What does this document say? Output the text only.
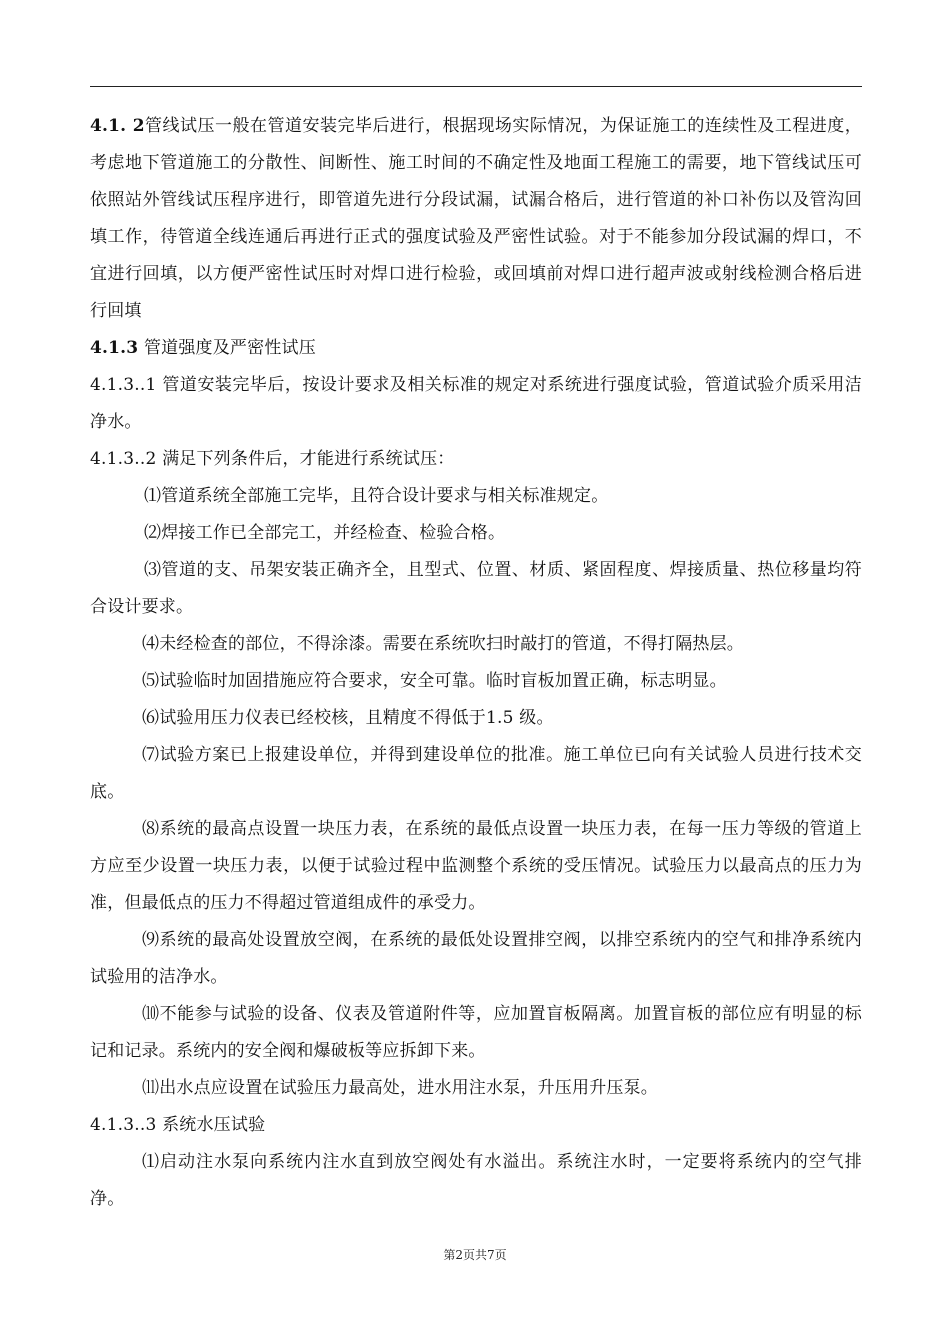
4.1. 2管线试压一般在管道安装完毕后进行，根据现场实际情况，为保证施工的连续性及工程进度，考虑地下管道施工的分散性、间断性、施工时间的不确定性及地面工程施工的需要，地下管线试压可依照站外管线试压程序进行，即管道先进行分段试漏，试漏合格后，进行管道的补口补伤以及管沟回填工作，待管道全线连通后再进行正式的强度试验及严密性试验。对于不能参加分段试漏的焊口，不宜进行回填，以方便严密性试压时对焊口进行检验，或回填前对焊口进行超声波或射线检测合格后进行回填

4.1.3 管道强度及严密性试压

4.1.3..1 管道安装完毕后，按设计要求及相关标准的规定对系统进行强度试验，管道试验介质采用洁净水。

4.1.3..2 满足下列条件后，才能进行系统试压：

⑴管道系统全部施工完毕，且符合设计要求与相关标准规定。

⑵焊接工作已全部完工，并经检查、检验合格。

⑶管道的支、吊架安装正确齐全，且型式、位置、材质、紧固程度、焊接质量、热位移量均符合设计要求。

⑷未经检查的部位，不得涂漆。需要在系统吹扫时敲打的管道，不得打隔热层。

⑸试验临时加固措施应符合要求，安全可靠。临时盲板加置正确，标志明显。

⑹试验用压力仪表已经校核，且精度不得低于1.5 级。

⑺试验方案已上报建设单位，并得到建设单位的批准。施工单位已向有关试验人员进行技术交底。

⑻系统的最高点设置一块压力表，在系统的最低点设置一块压力表，在每一压力等级的管道上方应至少设置一块压力表，以便于试验过程中监测整个系统的受压情况。试验压力以最高点的压力为准，但最低点的压力不得超过管道组成件的承受力。

⑼系统的最高处设置放空阀，在系统的最低处设置排空阀，以排空系统内的空气和排净系统内试验用的洁净水。

⑽不能参与试验的设备、仪表及管道附件等，应加置盲板隔离。加置盲板的部位应有明显的标记和记录。系统内的安全阀和爆破板等应拆卸下来。

⑾出水点应设置在试验压力最高处，进水用注水泵，升压用升压泵。

4.1.3..3 系统水压试验

⑴启动注水泵向系统内注水直到放空阀处有水溢出。系统注水时，一定要将系统内的空气排净。

第2页共7页
